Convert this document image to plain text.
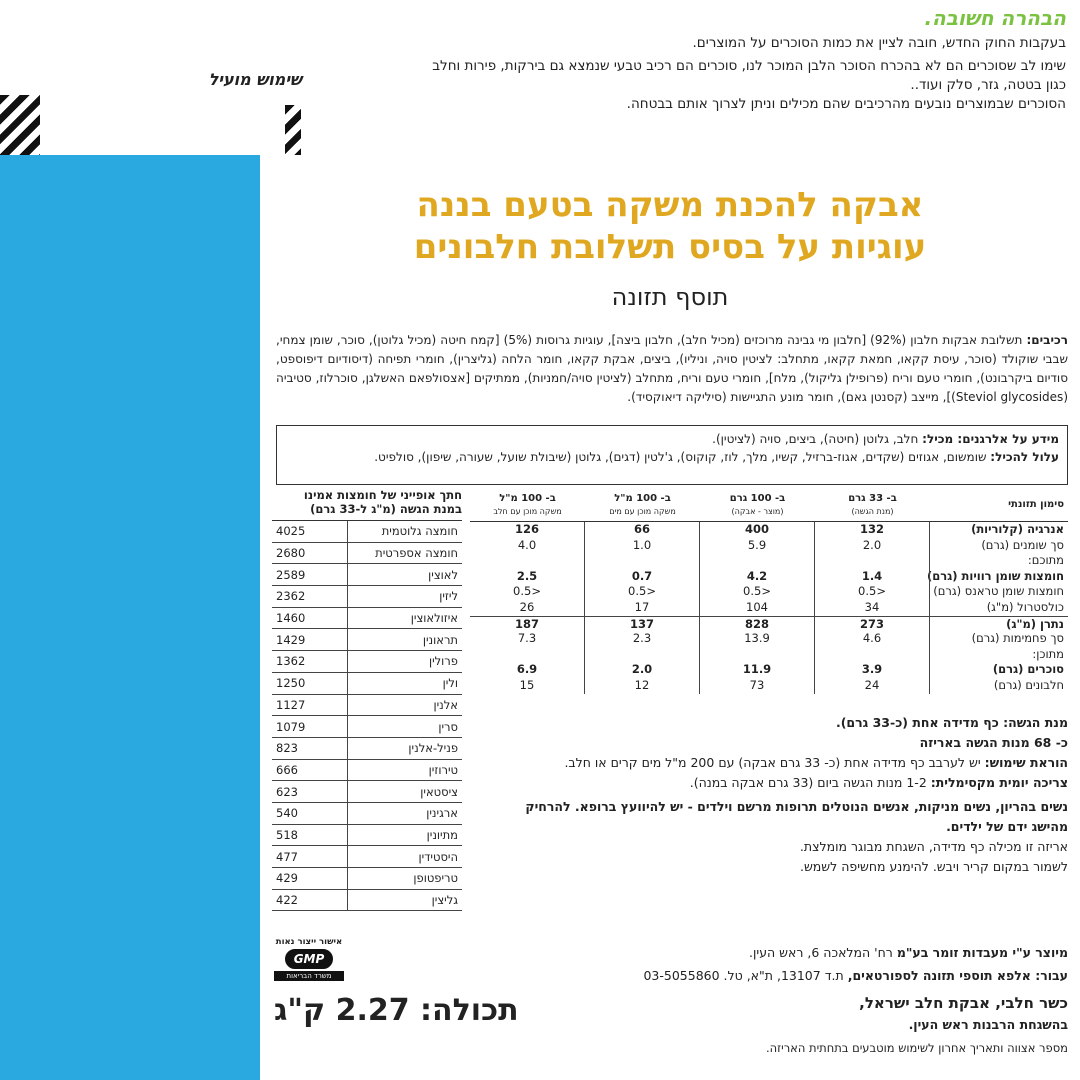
הבהרה חשובה.
בעקבות החוק החדש, חובה לציין את כמות הסוכרים על המוצרים.
שימו לב שסוכרים הם לא בהכרח הסוכר הלבן המוכר לנו, סוכרים הם רכיב טבעי שנמצא גם בירקות, פירות וחלב
כגון בטטה, גזר, סלק ועוד..
הסוכרים שבמוצרים נובעים מהרכיבים שהם מכילים וניתן לצרוך אותם בבטחה.
שימוש מועיל
אבקה להכנת משקה בטעם בננה
עוגיות על בסיס תשלובת חלבונים
תוסף תזונה
רכיבים: תשלובת אבקות חלבון (92%) [חלבון מי גבינה מרוכזים (מכיל חלב), חלבון ביצה], עוגיות גרוסות (5%) [קמח חיטה (מכיל גלוטן), סוכר, שומן צמחי, שבבי שוקולד (סוכר, עיסת קקאו, חמאת קקאו, מתחלב: לציטין סויה, וניליו), ביצים, אבקת קקאו, חומר הלחה (גליצרין), חומרי תפיחה (דיסודיום דיפוספט, סודיום ביקרבונט), חומרי טעם וריח (פרופילן גליקול), מלח], חומרי טעם וריח, מתחלב (לציטין סויה/חמניות), ממתיקים [אצסולפאם האשלגן, סוכרלוז, סטיביה (Steviol glycosides)], מייצב (קסנטן גאם), חומר מונע התגיישות (סיליקה דיאוקסיד).
מידע על אלרגנים: מכיל: חלב, גלוטן (חיטה), ביצים, סויה (לציטין).
עלול להכיל: שומשום, אגוזים (שקדים, אגוז-ברזיל, קשיו, מלך, לוז, קוקוס), ג'לטין (דגים), גלוטן (שיבולת שועל, שעורה, שיפון), סולפיט.
סימון תזונתי
ב- 33 גרם
(מנת הגשה)
ב- 100 גרם
(מוצר - אבקה)
ב- 100 מ"ל
משקה מוכן עם מים
ב- 100 מ"ל
משקה מוכן עם חלב
אנרגיה (קלוריות)
132
400
66
126
סך שומנים (גרם)
2.0
5.9
1.0
4.0
מתוכם:
חומצות שומן רוויות (גרם)
1.4
4.2
0.7
2.5
חומצות שומן טראנס (גרם)
0.5>
0.5>
0.5>
0.5>
כולסטרול (מ"ג)
34
104
17
26
נתרן (מ"ג)
273
828
137
187
סך פחמימות (גרם)
4.6
13.9
2.3
7.3
מתוכן:
סוכרים (גרם)
3.9
11.9
2.0
6.9
חלבונים (גרם)
24
73
12
15
חתך אופייני של חומצות אמינו במנת הגשה (מ"ג ל-33 גרם)
חומצה גלוטמית
4025
חומצה אספרטית
2680
לאוצין
2589
ליזין
2362
איזולאוצין
1460
תראונין
1429
פרולין
1362
ולין
1250
אלנין
1127
סרין
1079
פניל-אלנין
823
טירוזין
666
ציסטאין
623
ארגינין
540
מתיונין
518
היסטידין
477
טריפטופן
429
גליצין
422
מנת הגשה: כף מדידה אחת (כ-33 גרם).
כ- 68 מנות הגשה באריזה
הוראת שימוש: יש לערבב כף מדידה אחת (כ- 33 גרם אבקה) עם 200 מ"ל מים קרים או חלב.
צריכה יומית מקסימלית: 1-2 מנות הגשה ביום (33 גרם אבקה במנה).
נשים בהריון, נשים מניקות, אנשים הנוטלים תרופות מרשם וילדים - יש להיוועץ ברופא. להרחיק מהישג ידם של ילדים.
אריזה זו מכילה כף מדידה, השגחת מבוגר מומלצת.
לשמור במקום קריר ויבש. להימנע מחשיפה לשמש.
אישור ייצור נאות
GMP
משרד הבריאות
מיוצר ע"י מעבדות זומר בע"מ רח' המלאכה 6, ראש העין.
עבור: אלפא תוספי תזונה לספורטאים, ת.ד 13107, ת"א, טל. 03-5055860
כשר חלבי, אבקת חלב ישראל,
בהשגחת הרבנות ראש העין.
תכולה: 2.27 ק"ג
מספר אצווה ותאריך אחרון לשימוש מוטבעים בתחתית האריזה.
